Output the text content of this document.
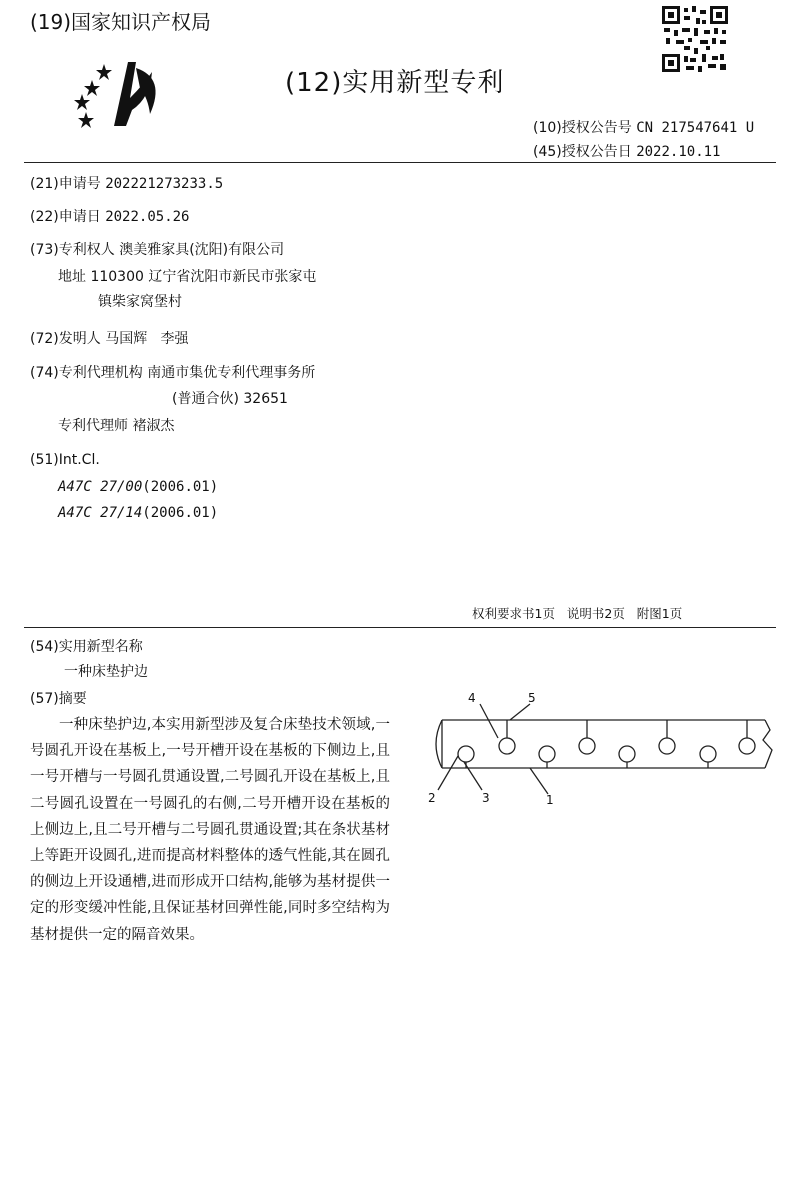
(19)国家知识产权局
(12)实用新型专利
(10)授权公告号 CN 217547641 U
(45)授权公告日 2022.10.11
(21)申请号 202221273233.5
(22)申请日 2022.05.26
(73)专利权人 澳美雅家具(沈阳)有限公司
地址 110300 辽宁省沈阳市新民市张家屯
镇柴家窝堡村
(72)发明人 马国辉   李强
(74)专利代理机构 南通市集优专利代理事务所
(普通合伙) 32651
专利代理师 褚淑杰
(51)Int.Cl.
A47C 27/00(2006.01)
A47C 27/14(2006.01)
权利要求书1页   说明书2页   附图1页
(54)实用新型名称
一种床垫护边
(57)摘要
一种床垫护边,本实用新型涉及复合床垫技术领域,一号圆孔开设在基板上,一号开槽开设在基板的下侧边上,且一号开槽与一号圆孔贯通设置,二号圆孔开设在基板上,且二号圆孔设置在一号圆孔的右侧,二号开槽开设在基板的上侧边上,且二号开槽与二号圆孔贯通设置;其在条状基材上等距开设圆孔,进而提高材料整体的透气性能,其在圆孔的侧边上开设通槽,进而形成开口结构,能够为基材提供一定的形变缓冲性能,且保证基材回弹性能,同时多空结构为基材提供一定的隔音效果。
4	5
2	3	1
